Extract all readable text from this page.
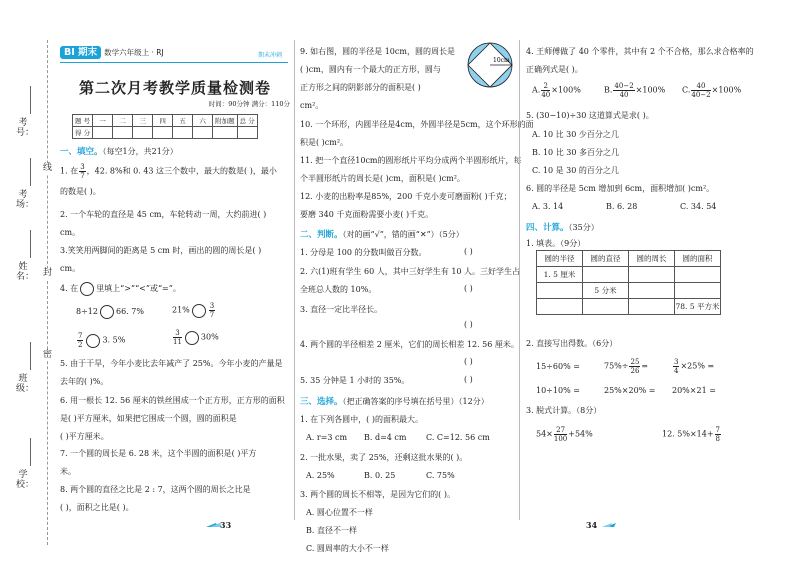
考号：
考场：
姓名：
班级：
学校：
线
封
密
BI 期末 数学六年级上 · RJ	期末冲刺
第二次月考教学质量检测卷
时间：90分钟 满分：110分
题 号	一	二	三	四	五	六	附加题	总 分
得 分								
一、填空。（每空1分，共21分）
1. 在 $\frac{3}{7}$ ，42. 8%和 0. 43 这三个数中，最大的数是( )，最小
的数是( )。
2. 一个车轮的直径是 45 cm，车轮转动一周，大约前进( )
cm。
3.笑笑用两脚间的距离是 5 cm 时，画出的圆的周长是( )
cm。
4. 在 里填上“>”“<”或“=”。
8÷12 66. 7%	21%	$\frac{3}{7}$
$\frac{7}{2} 3$. 5%	$\frac{3}{11} 30\%$
5. 由于干旱，今年小麦比去年减产了 25%。今年小麦的产量是
去年的( )%。
6. 用一根长 12. 56 厘米的铁丝围成一个正方形，正方形的面积
是( )平方厘米，如果把它围成一个圆，圆的面积是
( )平方厘米。
7. 一个圆的周长是 6. 28 米，这个半圆的面积是( )平方
米。
8. 两个圆的直径之比是 2 : 7，这两个圆的周长之比是
( )，面积之比是( )。
9. 如右图，圆的半径是 10cm，圆的周长是
( )cm，圆内有一个最大的正方形，圆与
正方形之间的阴影部分的面积是( )
cm²。
10cm
10. 一个环形，内圆半径是4cm，外圆半径是5cm，这个环形的面
积是( )cm²。
11. 把一个直径10cm的圆形纸片平均分成两个半圆形纸片，每
个半圆形纸片的周长是( )cm，面积是( )cm²。
12. 小麦的出粉率是85%，200 千克小麦可磨面粉( )千克；
要磨 340 千克面粉需要小麦( )千克。
二、判断。（对的画“√”，错的画“✕”）（5分）
1. 分母是 100 的分数叫做百分数。	( )
2. 六(1)班有学生 60 人，其中三好学生有 10 人。三好学生占
全班总人数的 10%。	( )
3. 直径一定比半径长。
( )
4. 两个圆的半径相差 2 厘米，它们的周长相差 12. 56 厘米。
( )
5. 35 分钟是 1 小时的 35%。	( )
三、选择。（把正确答案的序号填在括号里）（12分）
1. 在下列各圆中，( )的面积最大。
A. r=3 cm B. d=4 cm C. C=12. 56 cm
2. 一批水果，卖了 25%，还剩这批水果的( )。
A. 25%	B. 0. 25	C. 75%
3. 两个圆的周长不相等，是因为它们的( )。
A. 圆心位置不一样
B. 直径不一样
C. 圆周率的大小不一样
4. 王师傅做了 40 个零件，其中有 2 个不合格，那么求合格率的
正确列式是( )。
A. $\frac{2}{40} \times 100\%$	B. $\frac{40-2}{40} \times 100\%$ C. $\frac{40}{40-2} \times 100\%$
5. (30−10)÷30 这道算式是求( )。
A. 10 比 30 少百分之几
B. 10 比 30 多百分之几
C. 10 是 30 的百分之几
6. 圆的半径是 5cm 增加到 6cm，面积增加( )cm²。
A. 3. 14	B. 6. 28	C. 34. 54
四、计算。（35分）
1. 填表。（9分）
圆的半径	圆的直径	圆的周长	圆的面积
1. 5 厘米			
	5 分米		
			78. 5 平方米
2. 直接写出得数。（6分）
15÷60% =	$75\%\div \frac{25}{26}$ =	$\frac{3}{4} \times 25\%$ =
10÷10% =	25%×20% = 20%×21 =
3. 脱式计算。（8分）
$54\times \frac{27}{100} +54\%$	12. $5\%\times 14+ \frac{7}{8}$
33	34
